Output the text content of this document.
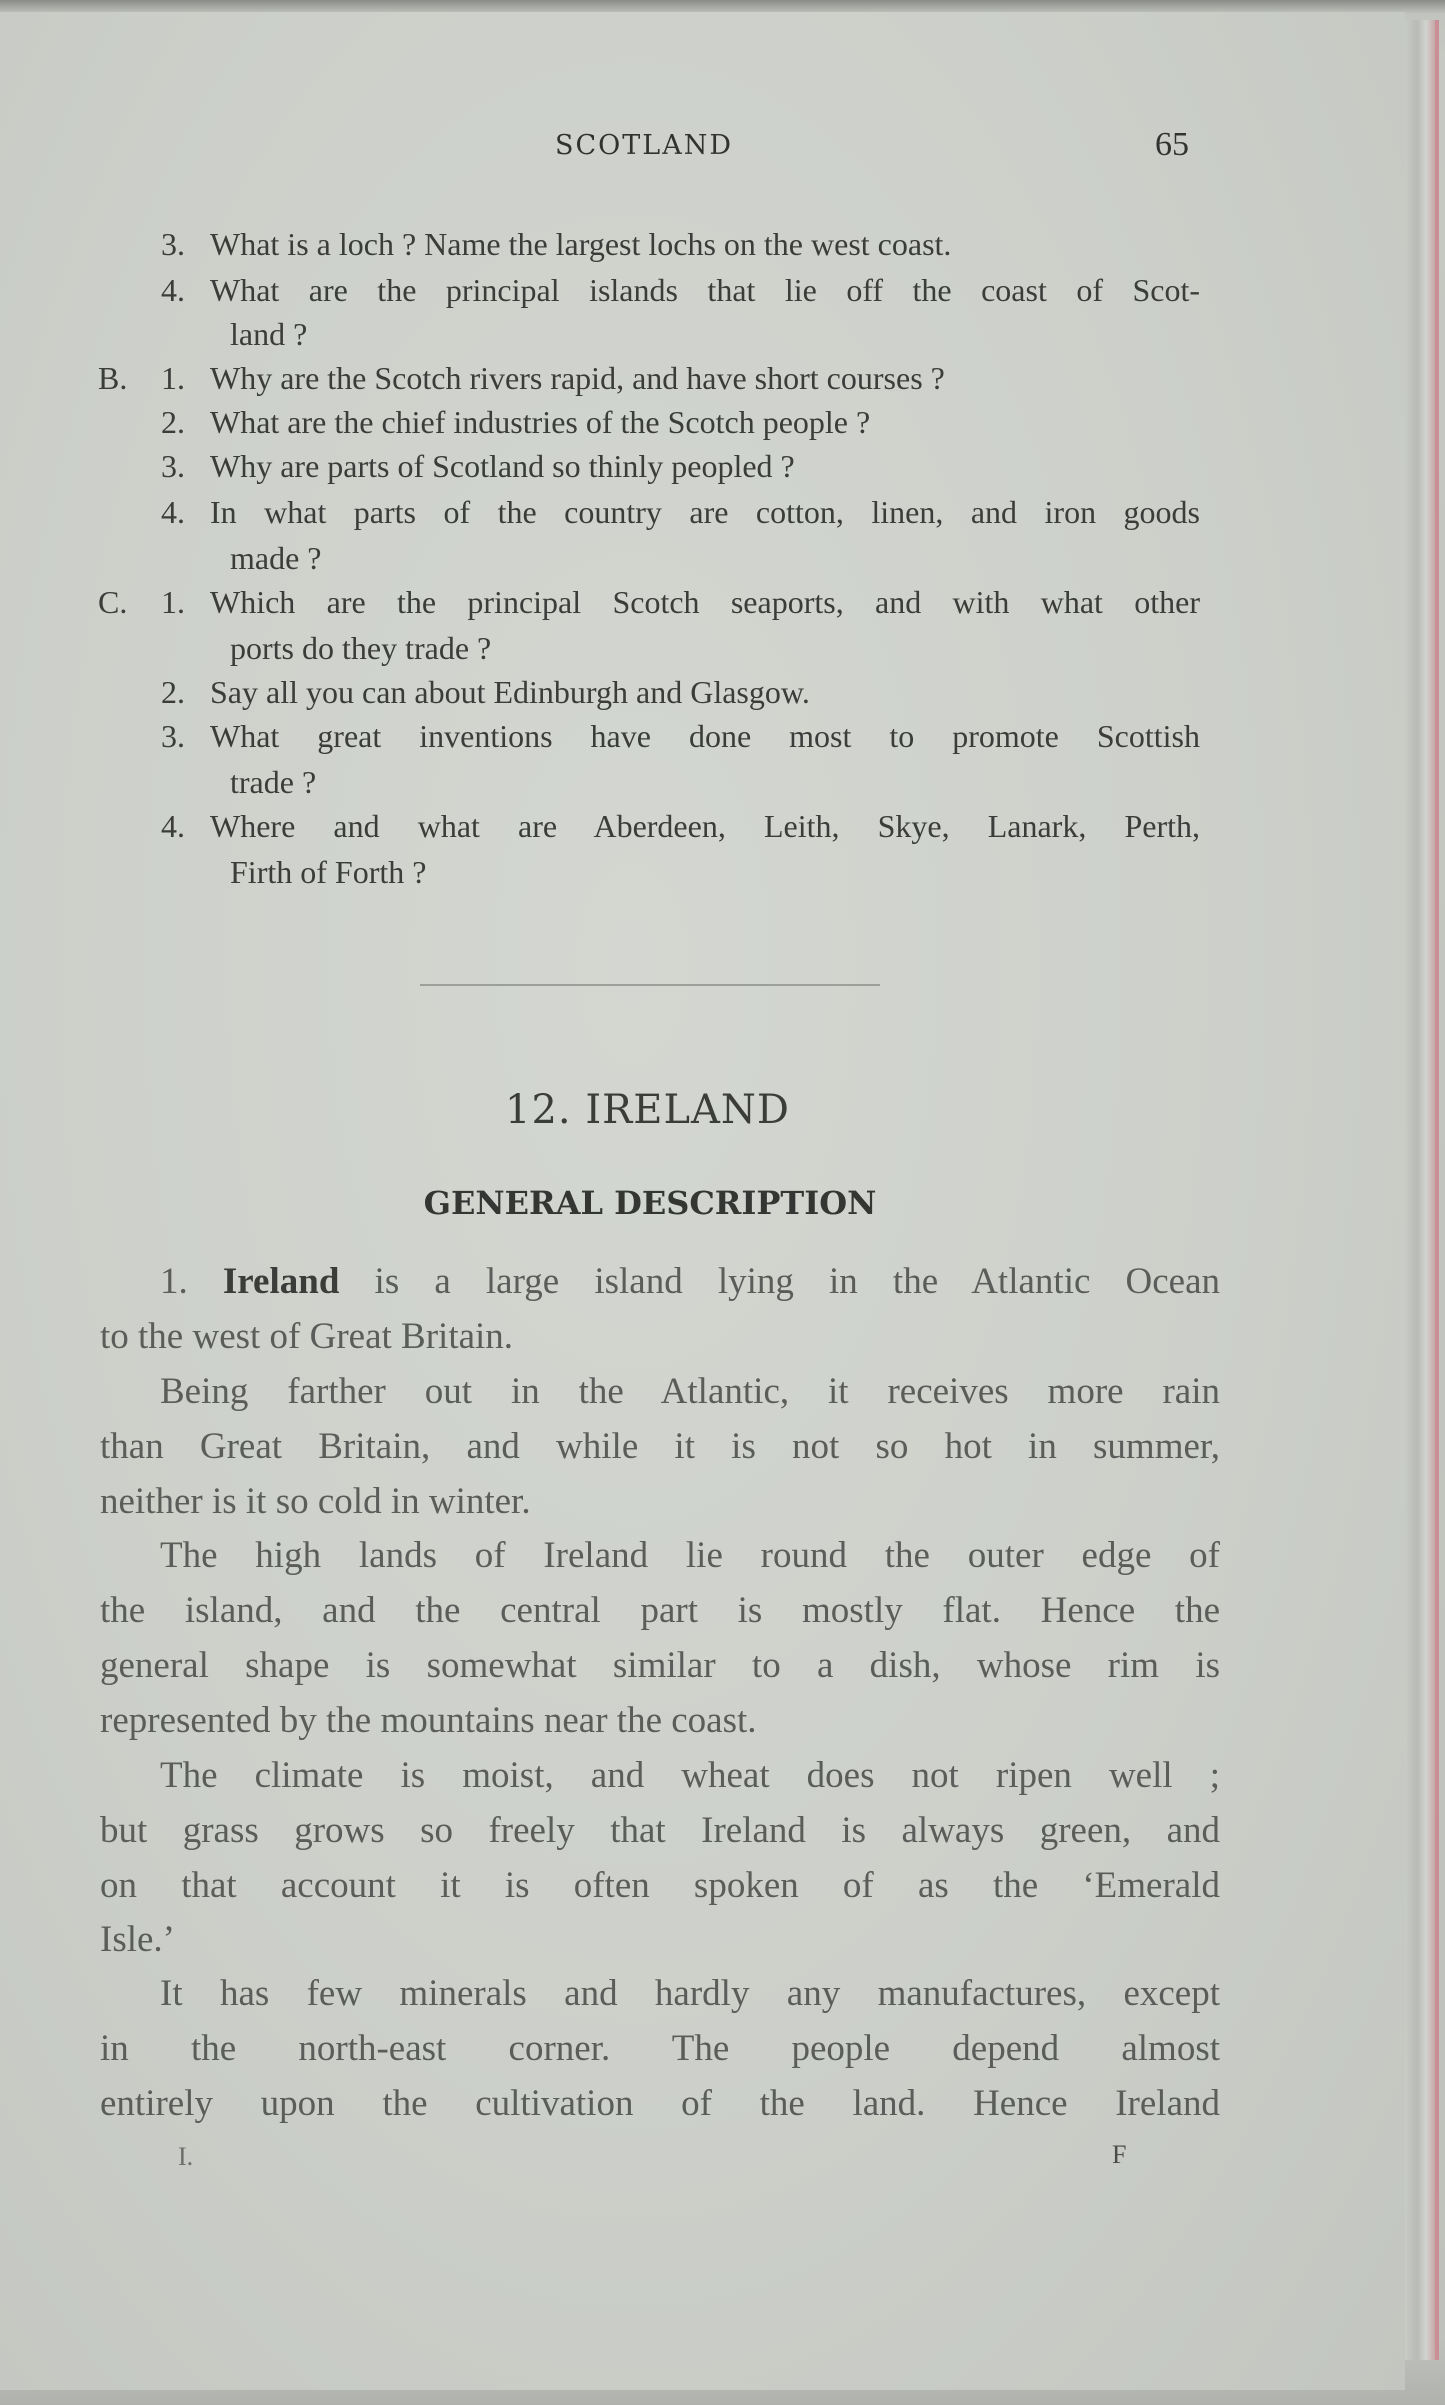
SCOTLAND	65
3. What is a loch ? Name the largest lochs on the west coast.
4. What are the principal islands that lie off the coast of Scot-
land ?
B. 1. Why are the Scotch rivers rapid, and have short courses ?
2. What are the chief industries of the Scotch people ?
3. Why are parts of Scotland so thinly peopled ?
4. In what parts of the country are cotton, linen, and iron goods
made ?
C. 1. Which are the principal Scotch seaports, and with what other
ports do they trade ?
2. Say all you can about Edinburgh and Glasgow.
3. What great inventions have done most to promote Scottish
trade ?
4. Where and what are Aberdeen, Leith, Skye, Lanark, Perth,
Firth of Forth ?
12. IRELAND
GENERAL DESCRIPTION
1. Ireland is a large island lying in the Atlantic Ocean
to the west of Great Britain.
Being farther out in the Atlantic, it receives more rain
than Great Britain, and while it is not so hot in summer,
neither is it so cold in winter.
The high lands of Ireland lie round the outer edge of
the island, and the central part is mostly flat. Hence the
general shape is somewhat similar to a dish, whose rim is
represented by the mountains near the coast.
The climate is moist, and wheat does not ripen well ;
but grass grows so freely that Ireland is always green, and
on that account it is often spoken of as the ‘Emerald
Isle.’
It has few minerals and hardly any manufactures, except
in the north-east corner. The people depend almost
entirely upon the cultivation of the land. Hence Ireland
I.	F
